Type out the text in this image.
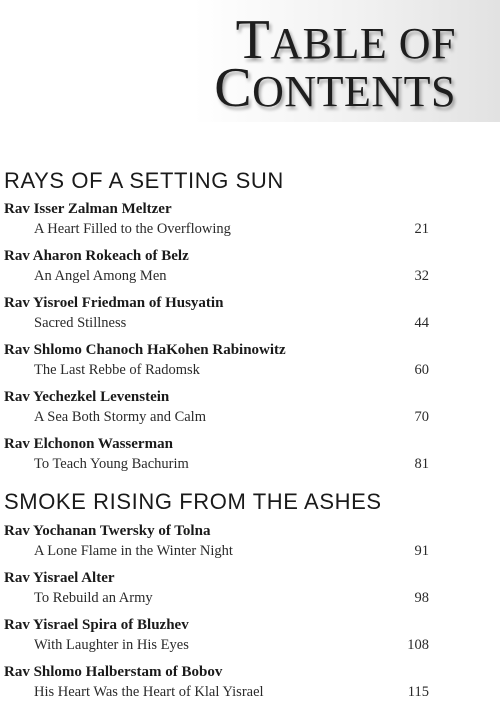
TABLE OF
CONTENTS
RAYS OF A SETTING SUN

Rav Isser Zalman Meltzer

A Heart Filled to the Overflowing	21

Rav Aharon Rokeach of Belz

An Angel Among Men	32

Rav Yisroel Friedman of Husyatin

Sacred Stillness	44

Rav Shlomo Chanoch HaKohen Rabinowitz

The Last Rebbe of Radomsk	60

Rav Yechezkel Levenstein

A Sea Both Stormy and Calm	70

Rav Elchonon Wasserman

To Teach Young Bachurim	81

SMOKE RISING FROM THE ASHES

Rav Yochanan Twersky of Tolna

A Lone Flame in the Winter Night	91

Rav Yisrael Alter

To Rebuild an Army	98

Rav Yisrael Spira of Bluzhev

With Laughter in His Eyes	108

Rav Shlomo Halberstam of Bobov

His Heart Was the Heart of Klal Yisrael	115
